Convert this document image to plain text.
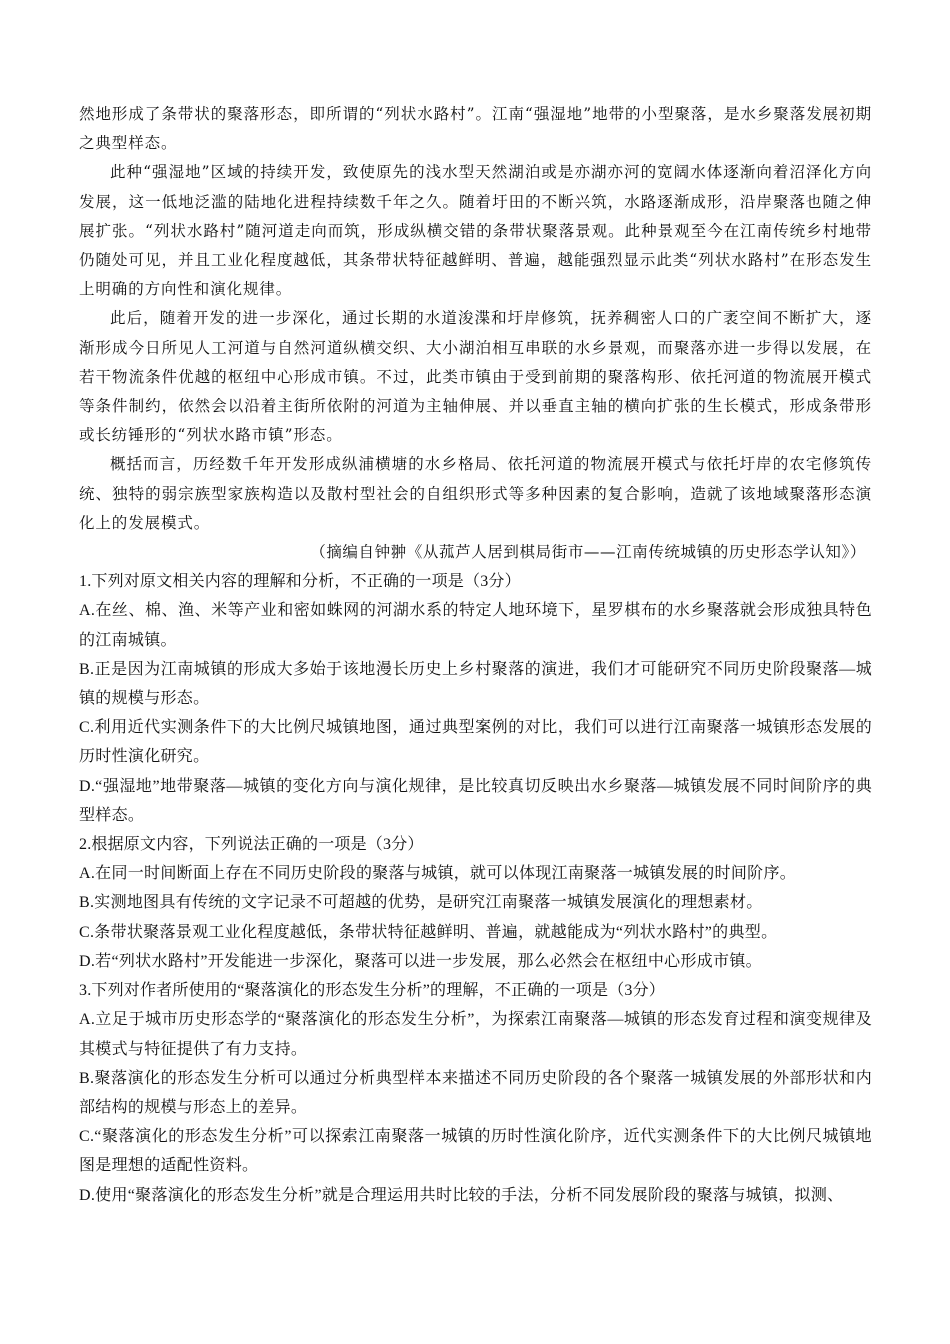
然地形成了条带状的聚落形态，即所谓的“列状水路村”。江南“强湿地”地带的小型聚落，是水乡聚落发展初期之典型样态。

此种“强湿地”区域的持续开发，致使原先的浅水型天然湖泊或是亦湖亦河的宽阔水体逐渐向着沼泽化方向发展，这一低地泛滥的陆地化进程持续数千年之久。随着圩田的不断兴筑，水路逐渐成形，沿岸聚落也随之伸展扩张。“列状水路村”随河道走向而筑，形成纵横交错的条带状聚落景观。此种景观至今在江南传统乡村地带仍随处可见，并且工业化程度越低，其条带状特征越鲜明、普遍，越能强烈显示此类“列状水路村”在形态发生上明确的方向性和演化规律。

此后，随着开发的进一步深化，通过长期的水道浚渫和圩岸修筑，抚养稠密人口的广袤空间不断扩大，逐渐形成今日所见人工河道与自然河道纵横交织、大小湖泊相互串联的水乡景观，而聚落亦进一步得以发展，在若干物流条件优越的枢纽中心形成市镇。不过，此类市镇由于受到前期的聚落构形、依托河道的物流展开模式等条件制约，依然会以沿着主街所依附的河道为主轴伸展、并以垂直主轴的横向扩张的生长模式，形成条带形或长纺锤形的“列状水路市镇”形态。

概括而言，历经数千年开发形成纵浦横塘的水乡格局、依托河道的物流展开模式与依托圩岸的农宅修筑传统、独特的弱宗族型家族构造以及散村型社会的自组织形式等多种因素的复合影响，造就了该地域聚落形态演化上的发展模式。

（摘编自钟翀《从菰芦人居到棋局街市——江南传统城镇的历史形态学认知》）

1.下列对原文相关内容的理解和分析，不正确的一项是（3分）

A.在丝、棉、渔、米等产业和密如蛛网的河湖水系的特定人地环境下，星罗棋布的水乡聚落就会形成独具特色的江南城镇。

B.正是因为江南城镇的形成大多始于该地漫长历史上乡村聚落的演进，我们才可能研究不同历史阶段聚落—城镇的规模与形态。

C.利用近代实测条件下的大比例尺城镇地图，通过典型案例的对比，我们可以进行江南聚落一城镇形态发展的历时性演化研究。

D.“强湿地”地带聚落—城镇的变化方向与演化规律，是比较真切反映出水乡聚落—城镇发展不同时间阶序的典型样态。

2.根据原文内容，下列说法正确的一项是（3分）

A.在同一时间断面上存在不同历史阶段的聚落与城镇，就可以体现江南聚落一城镇发展的时间阶序。

B.实测地图具有传统的文字记录不可超越的优势，是研究江南聚落一城镇发展演化的理想素材。

C.条带状聚落景观工业化程度越低，条带状特征越鲜明、普遍，就越能成为“列状水路村”的典型。

D.若“列状水路村”开发能进一步深化，聚落可以进一步发展，那么必然会在枢纽中心形成市镇。

3.下列对作者所使用的“聚落演化的形态发生分析”的理解，不正确的一项是（3分）

A.立足于城市历史形态学的“聚落演化的形态发生分析”，为探索江南聚落—城镇的形态发育过程和演变规律及其模式与特征提供了有力支持。

B.聚落演化的形态发生分析可以通过分析典型样本来描述不同历史阶段的各个聚落一城镇发展的外部形状和内部结构的规模与形态上的差异。

C.“聚落演化的形态发生分析”可以探索江南聚落一城镇的历时性演化阶序，近代实测条件下的大比例尺城镇地图是理想的适配性资料。

D.使用“聚落演化的形态发生分析”就是合理运用共时比较的手法，分析不同发展阶段的聚落与城镇，拟测、
